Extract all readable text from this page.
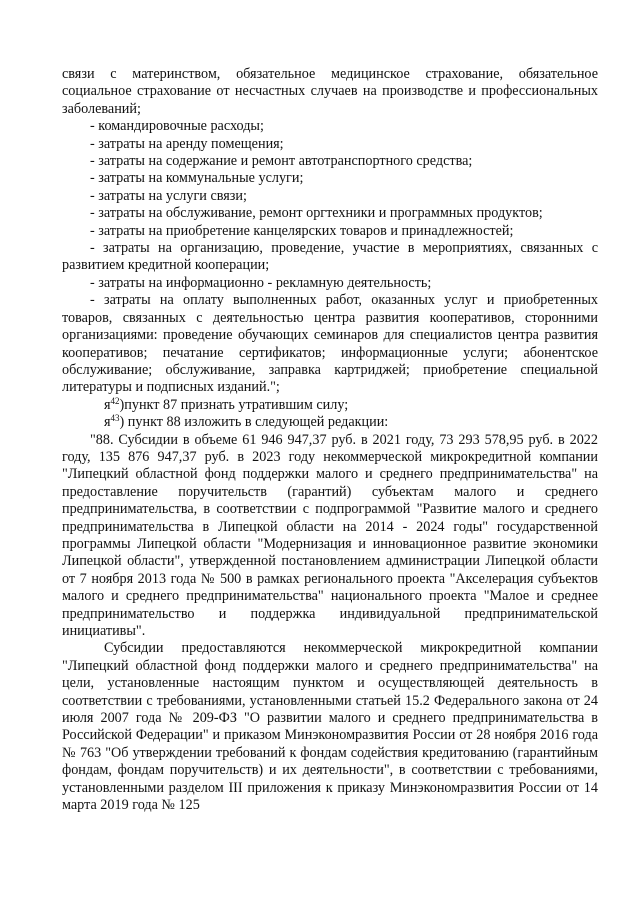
связи с материнством, обязательное медицинское страхование, обязательное социальное страхование от несчастных случаев на производстве и профессиональных заболеваний;

- командировочные расходы;

- затраты на аренду помещения;

- затраты на содержание и ремонт автотранспортного средства;

- затраты на коммунальные услуги;

- затраты на услуги связи;

- затраты на обслуживание, ремонт оргтехники и программных продуктов;

- затраты на приобретение канцелярских товаров и принадлежностей;

- затраты на организацию, проведение, участие в мероприятиях, связанных с развитием кредитной кооперации;

- затраты на информационно - рекламную деятельность;

- затраты на оплату выполненных работ, оказанных услуг и приобретенных товаров, связанных с деятельностью центра развития кооперативов, сторонними организациями: проведение обучающих семинаров для специалистов центра развития кооперативов; печатание сертификатов; информационные услуги; абонентское обслуживание; обслуживание, заправка картриджей; приобретение специальной литературы и подписных изданий.";

$я^{42})пункт$ 87 признать утратившим силу;

$я^{43}$) пункт 88 изложить в следующей редакции:

"88. Субсидии в объеме 61 946 947,37 руб. в 2021 году, 73 293 578,95 руб. в 2022 году, 135 876 947,37 руб. в 2023 году некоммерческой микрокредитной компании "Липецкий областной фонд поддержки малого и среднего предпринимательства" на предоставление поручительств (гарантий) субъектам малого и среднего предпринимательства, в соответствии с подпрограммой "Развитие малого и среднего предпринимательства в Липецкой области на 2014 - 2024 годы" государственной программы Липецкой области "Модернизация и инновационное развитие экономики Липецкой области", утвержденной постановлением администрации Липецкой области от 7 ноября 2013 года № 500 в рамках регионального проекта "Акселерация субъектов малого и среднего предпринимательства" национального проекта "Малое и среднее предпринимательство и поддержка индивидуальной предпринимательской инициативы".

Субсидии предоставляются некоммерческой микрокредитной компании "Липецкий областной фонд поддержки малого и среднего предпринимательства" на цели, установленные настоящим пунктом и осуществляющей деятельность в соответствии с требованиями, установленными статьей 15.2 Федерального закона от 24 июля 2007 года № 209-ФЗ "О развитии малого и среднего предпринимательства в Российской Федерации" и приказом Минэкономразвития России от 28 ноября 2016 года № 763 "Об утверждении требований к фондам содействия кредитованию (гарантийным фондам, фондам поручительств) и их деятельности", в соответствии с требованиями, установленными разделом III приложения к приказу Минэкономразвития России от 14 марта 2019 года № 125
